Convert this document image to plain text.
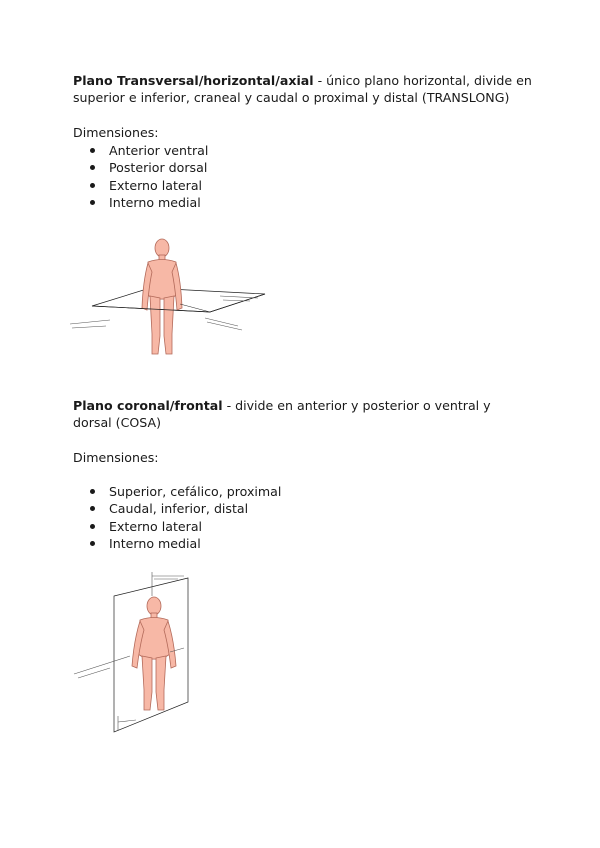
Plano Transversal/horizontal/axial - único plano horizontal, divide en superior e inferior, craneal y caudal o proximal y distal (TRANSLONG)

Dimensiones:

Anterior ventral
Posterior dorsal
Externo lateral
Interno medial

Plano coronal/frontal - divide en anterior y posterior o ventral y dorsal (COSA)

Dimensiones:

Superior, cefálico, proximal
Caudal, inferior, distal
Externo lateral
Interno medial
